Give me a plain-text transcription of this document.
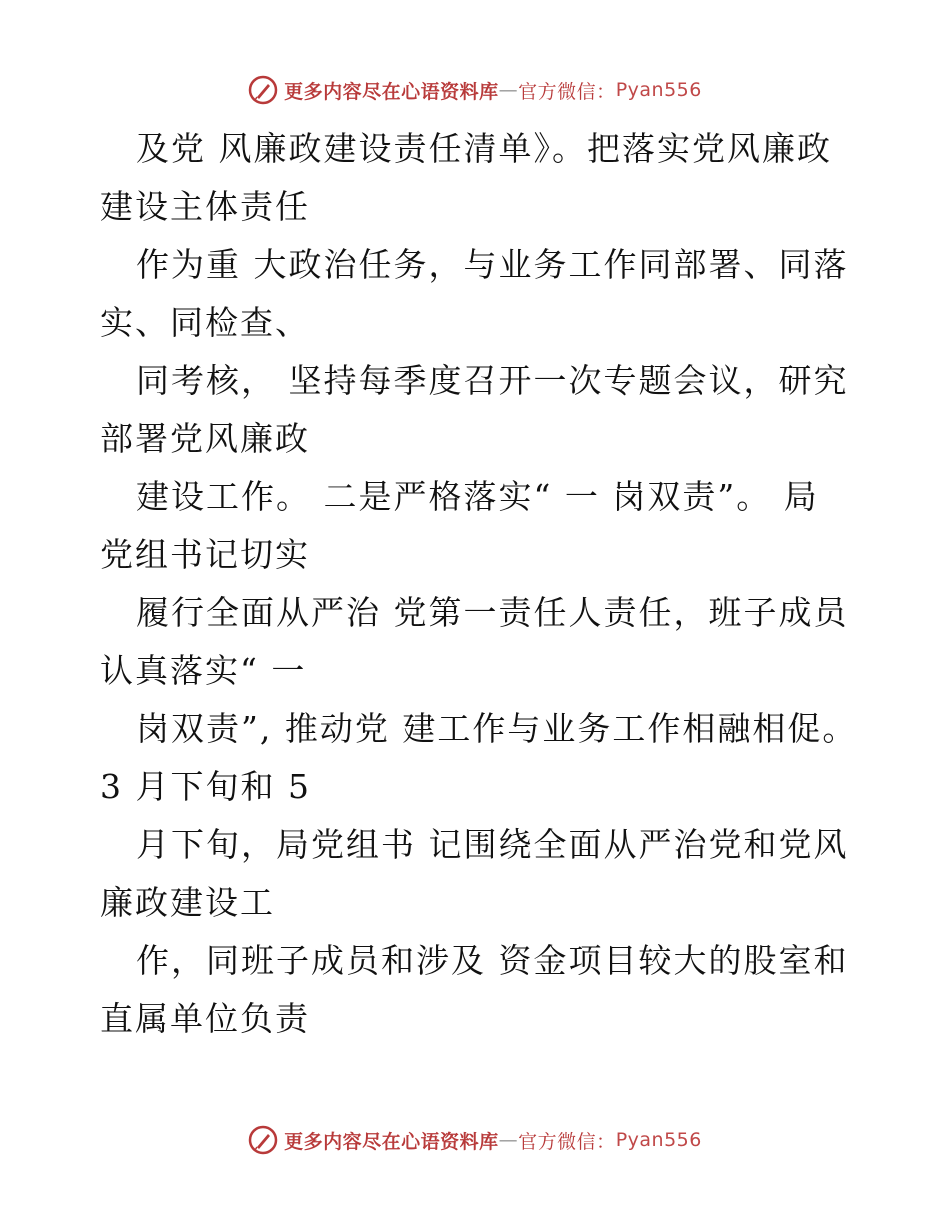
更多内容尽在心语资料库 — 官方微信： Pyan556
及党 风廉政建设责任清单》。把落实党风廉政
建设主体责任
作为重 大政治任务，与业务工作同部署、同落
实、同检查、
同考核， 坚持每季度召开一次专题会议，研究
部署党风廉政
建设工作。 二是严格落实“ 一 岗双责”。 局
党组书记切实
履行全面从严治 党第一责任人责任，班子成员
认真落实“ 一
岗双责”, 推动党 建工作与业务工作相融相促。
3 月下旬和 5
月下旬，局党组书 记围绕全面从严治党和党风
廉政建设工
作，同班子成员和涉及 资金项目较大的股室和
直属单位负责
更多内容尽在心语资料库 — 官方微信： Pyan556
